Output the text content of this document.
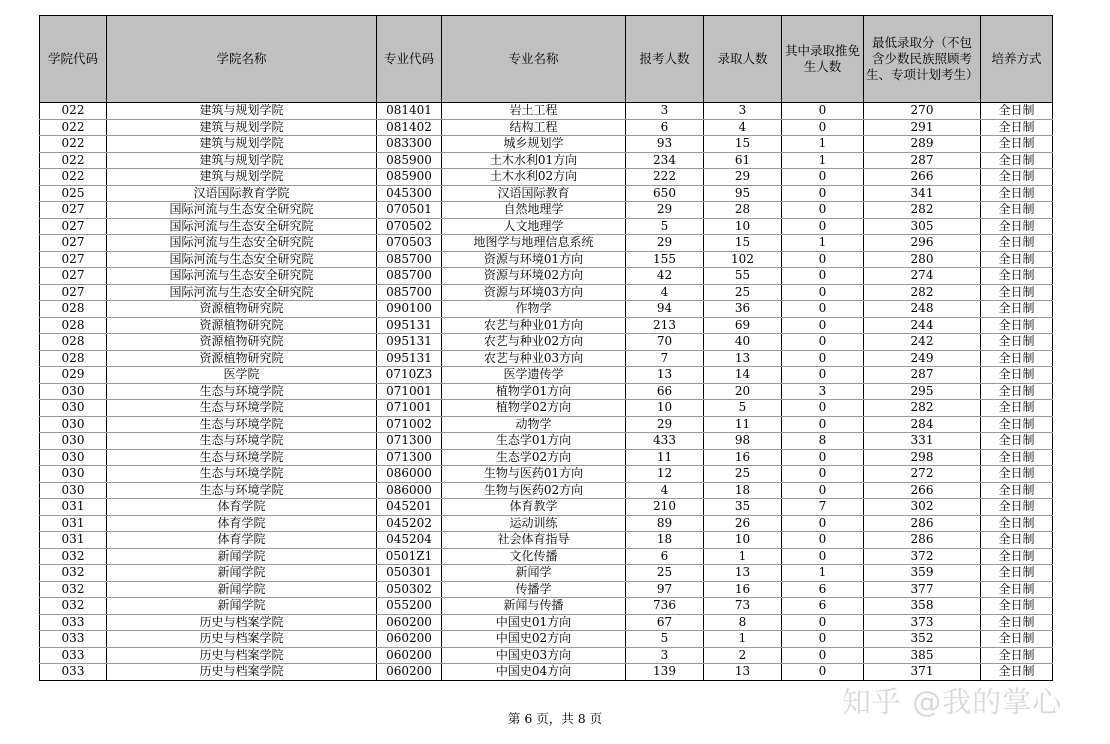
学院代码	学院名称	专业代码	专业名称	报考人数	录取人数	其中录取推免生人数	最低录取分（不包含少数民族照顾考生、专项计划考生）	培养方式
022	建筑与规划学院	081401	岩土工程	3	3	0	270	全日制
022	建筑与规划学院	081402	结构工程	6	4	0	291	全日制
022	建筑与规划学院	083300	城乡规划学	93	15	1	289	全日制
022	建筑与规划学院	085900	土木水利01方向	234	61	1	287	全日制
022	建筑与规划学院	085900	土木水利02方向	222	29	0	266	全日制
025	汉语国际教育学院	045300	汉语国际教育	650	95	0	341	全日制
027	国际河流与生态安全研究院	070501	自然地理学	29	28	0	282	全日制
027	国际河流与生态安全研究院	070502	人文地理学	5	10	0	305	全日制
027	国际河流与生态安全研究院	070503	地图学与地理信息系统	29	15	1	296	全日制
027	国际河流与生态安全研究院	085700	资源与环境01方向	155	102	0	280	全日制
027	国际河流与生态安全研究院	085700	资源与环境02方向	42	55	0	274	全日制
027	国际河流与生态安全研究院	085700	资源与环境03方向	4	25	0	282	全日制
028	资源植物研究院	090100	作物学	94	36	0	248	全日制
028	资源植物研究院	095131	农艺与种业01方向	213	69	0	244	全日制
028	资源植物研究院	095131	农艺与种业02方向	70	40	0	242	全日制
028	资源植物研究院	095131	农艺与种业03方向	7	13	0	249	全日制
029	医学院	0710Z3	医学遗传学	13	14	0	287	全日制
030	生态与环境学院	071001	植物学01方向	66	20	3	295	全日制
030	生态与环境学院	071001	植物学02方向	10	5	0	282	全日制
030	生态与环境学院	071002	动物学	29	11	0	284	全日制
030	生态与环境学院	071300	生态学01方向	433	98	8	331	全日制
030	生态与环境学院	071300	生态学02方向	11	16	0	298	全日制
030	生态与环境学院	086000	生物与医药01方向	12	25	0	272	全日制
030	生态与环境学院	086000	生物与医药02方向	4	18	0	266	全日制
031	体育学院	045201	体育教学	210	35	7	302	全日制
031	体育学院	045202	运动训练	89	26	0	286	全日制
031	体育学院	045204	社会体育指导	18	10	0	286	全日制
032	新闻学院	0501Z1	文化传播	6	1	0	372	全日制
032	新闻学院	050301	新闻学	25	13	1	359	全日制
032	新闻学院	050302	传播学	97	16	6	377	全日制
032	新闻学院	055200	新闻与传播	736	73	6	358	全日制
033	历史与档案学院	060200	中国史01方向	67	8	0	373	全日制
033	历史与档案学院	060200	中国史02方向	5	1	0	352	全日制
033	历史与档案学院	060200	中国史03方向	3	2	0	385	全日制
033	历史与档案学院	060200	中国史04方向	139	13	0	371	全日制
知乎 @我的掌心
第 6 页，共 8 页
